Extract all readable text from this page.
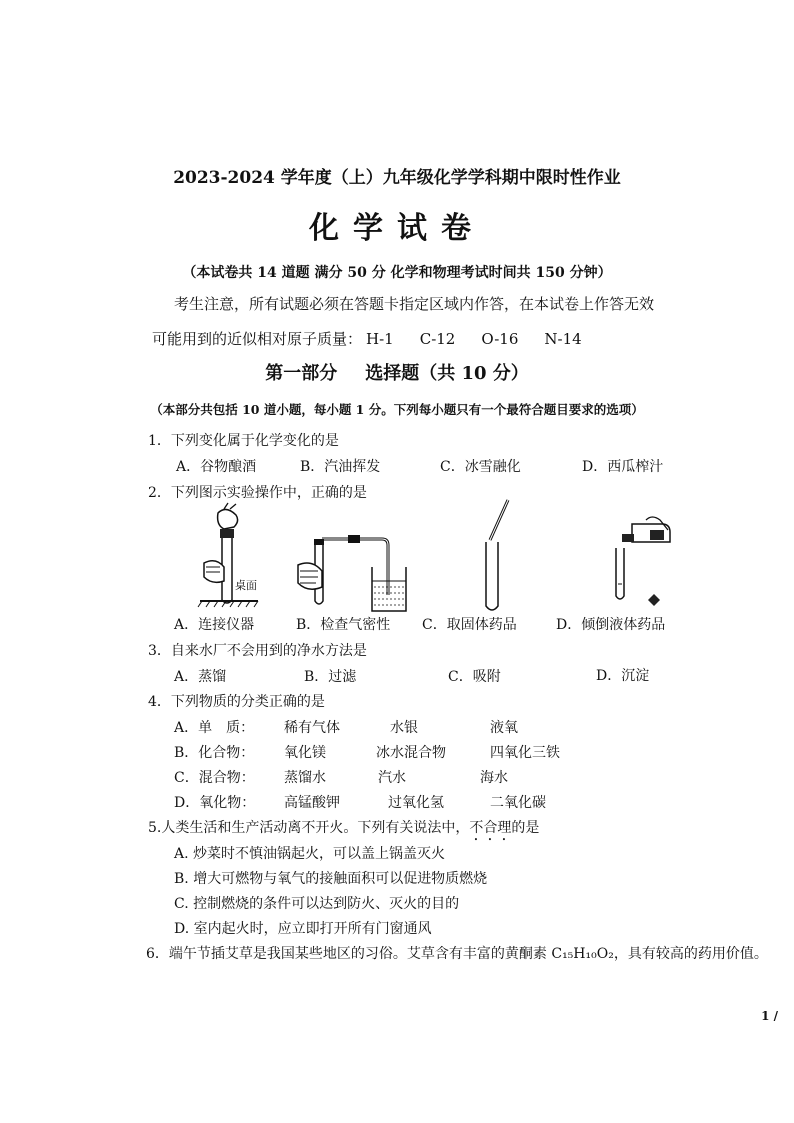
2023-2024 学年度（上）九年级化学学科期中限时性作业
化学试卷
（本试卷共 14 道题 满分 50 分 化学和物理考试时间共 150 分钟）
考生注意，所有试题必须在答题卡指定区域内作答，在本试卷上作答无效
可能用到的近似相对原子质量： H-1 C-12 O-16 N-14
第一部分 选择题（共 10 分）
（本部分共包括 10 道小题，每小题 1 分。下列每小题只有一个最符合题目要求的选项）
1．下列变化属于化学变化的是
A．谷物酿酒	B．汽油挥发	C．冰雪融化	D．西瓜榨汁
2．下列图示实验操作中，正确的是
桌面
A．连接仪器	B．检查气密性 C．取固体药品	D．倾倒液体药品
3．自来水厂不会用到的净水方法是
A．蒸馏	B．过滤	C．吸附	D．沉淀
4．下列物质的分类正确的是
A．单　质： 稀有气体	水银	液氧
B．化合物： 氧化镁	冰水混合物	四氧化三铁
C．混合物： 蒸馏水	汽水	海水
D．氧化物： 高锰酸钾	过氧化氢	二氧化碳
5.人类生活和生产活动离不开火。下列有关说法中，不合理的是
A. 炒菜时不慎油锅起火，可以盖上锅盖灭火
B. 增大可燃物与氧气的接触面积可以促进物质燃烧
C. 控制燃烧的条件可以达到防火、灭火的目的
D. 室内起火时，应立即打开所有门窗通风
6．端午节插艾草是我国某些地区的习俗。艾草含有丰富的黄酮素 C₁₅H₁₀O₂，具有较高的药用价值。
1 /
